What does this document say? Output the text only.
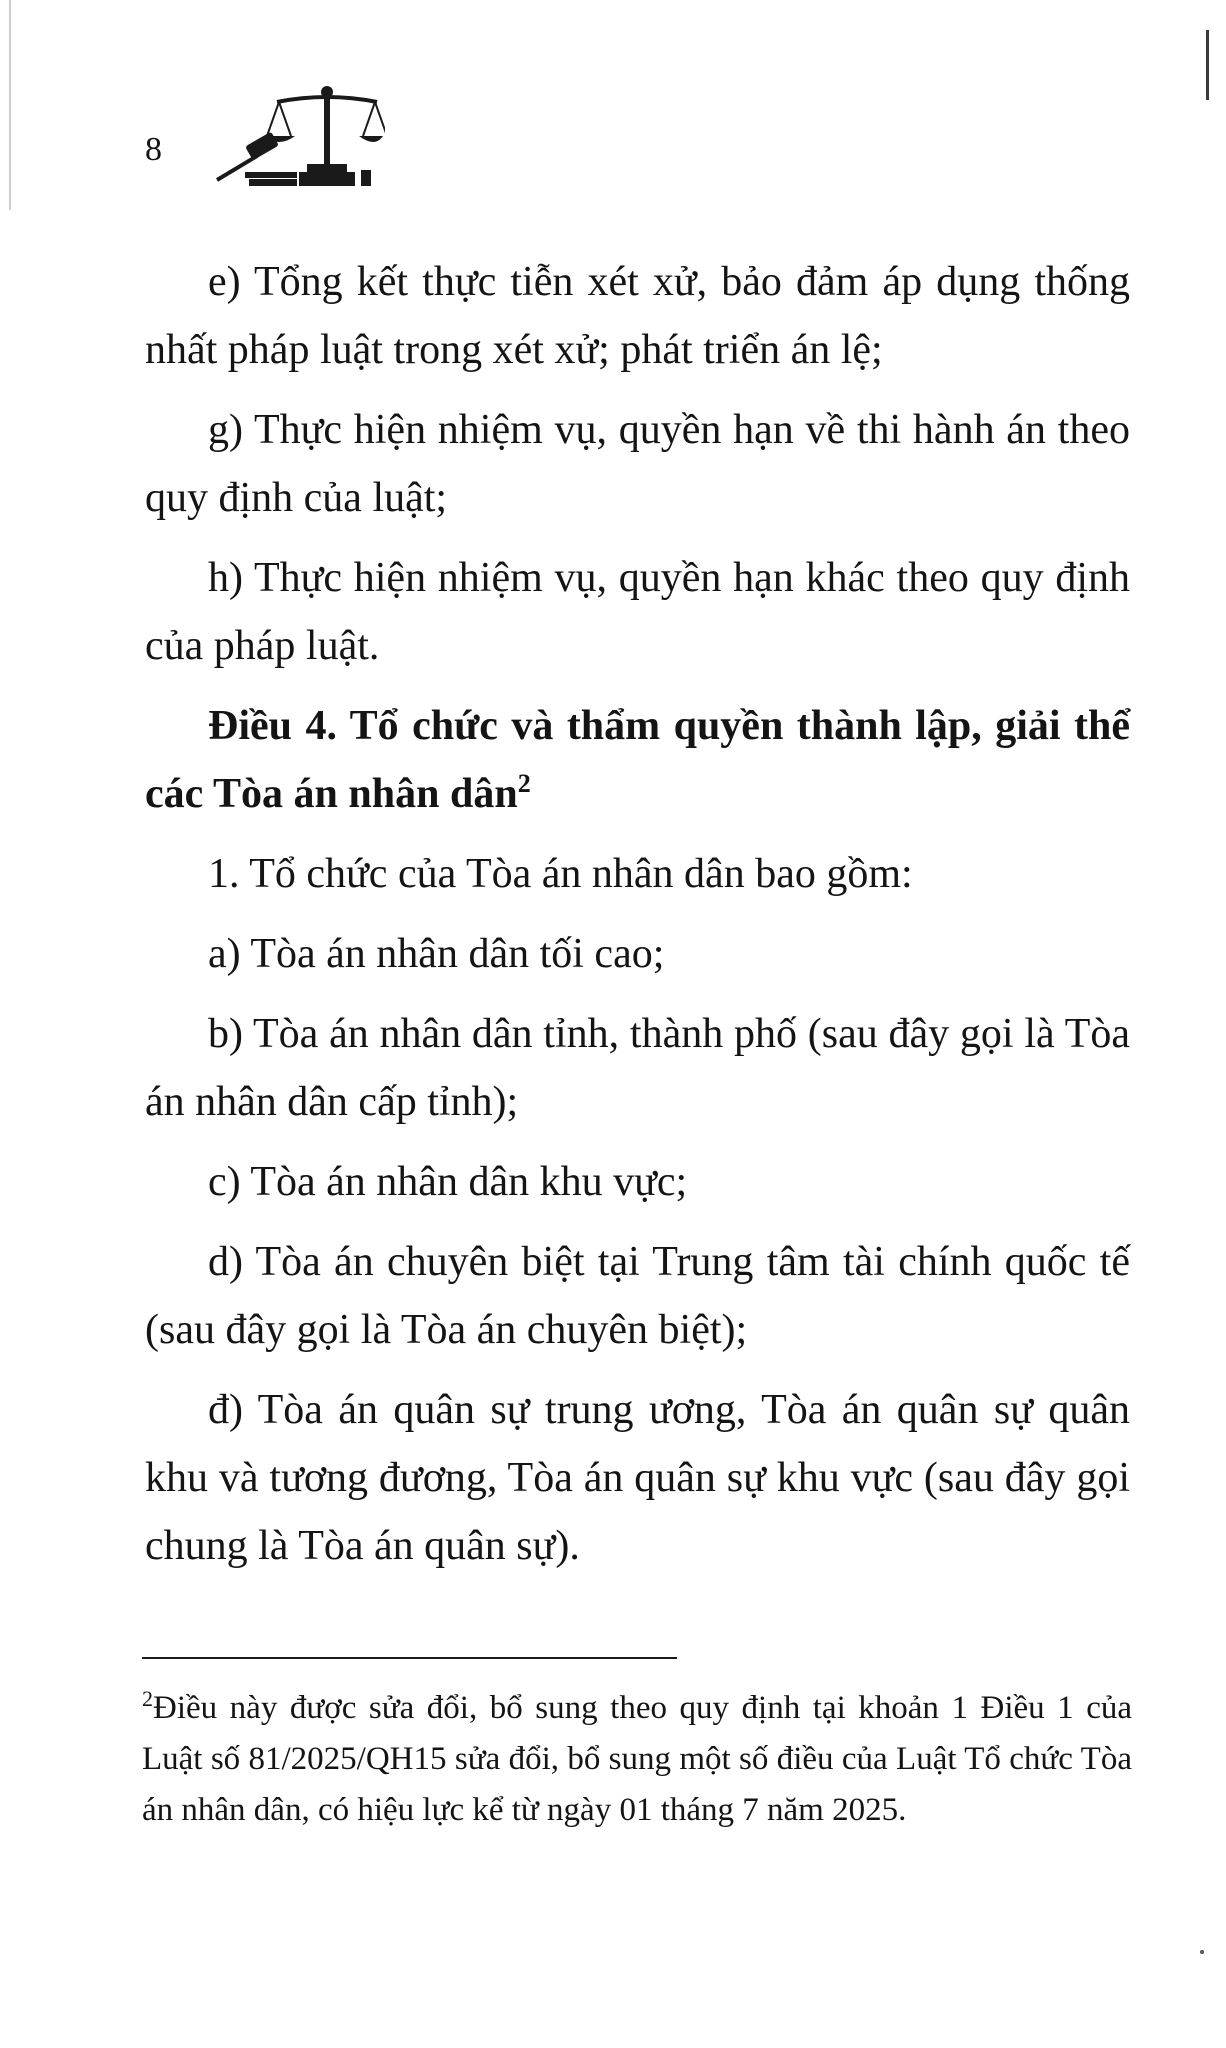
8

e) Tổng kết thực tiễn xét xử, bảo đảm áp dụng thống nhất pháp luật trong xét xử; phát triển án lệ;

g) Thực hiện nhiệm vụ, quyền hạn về thi hành án theo quy định của luật;

h) Thực hiện nhiệm vụ, quyền hạn khác theo quy định của pháp luật.

Điều 4. Tổ chức và thẩm quyền thành lập, giải thể các Tòa án nhân dân$^2$

1. Tổ chức của Tòa án nhân dân bao gồm:

a) Tòa án nhân dân tối cao;

b) Tòa án nhân dân tỉnh, thành phố (sau đây gọi là Tòa án nhân dân cấp tỉnh);

c) Tòa án nhân dân khu vực;

d) Tòa án chuyên biệt tại Trung tâm tài chính quốc tế (sau đây gọi là Tòa án chuyên biệt);

đ) Tòa án quân sự trung ương, Tòa án quân sự quân khu và tương đương, Tòa án quân sự khu vực (sau đây gọi chung là Tòa án quân sự).

$^2$Điều này được sửa đổi, bổ sung theo quy định tại khoản 1 Điều 1 của Luật số 81/2025/QH15 sửa đổi, bổ sung một số điều của Luật Tổ chức Tòa án nhân dân, có hiệu lực kể từ ngày 01 tháng 7 năm 2025.
